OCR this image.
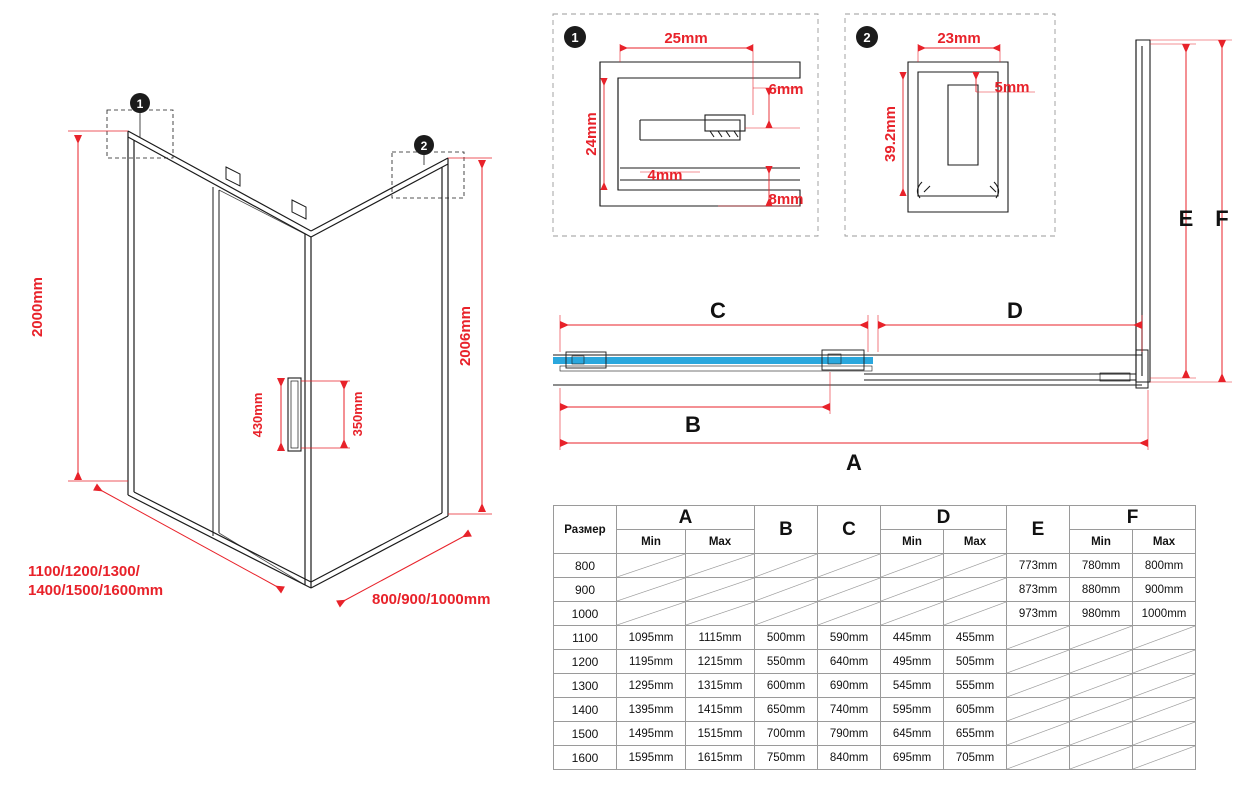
1
2
2000mm	2006mm
430mm	350mm
1	25mm
6mm
24mm
4mm
8mm
2	23mm
5mm
39.2mm
E F
C	D
B
A
1100/1200/1300/
1400/1500/1600mm
800/900/1000mm
Размер	A		B	C	D		E	F	
	Min	Max			Min	Max		Min	Max
800							773mm	780mm	800mm
900							873mm	880mm	900mm
1000							973mm	980mm	1000mm
1100	1095mm	1115mm	500mm	590mm	445mm	455mm			
1200	1195mm	1215mm	550mm	640mm	495mm	505mm			
1300	1295mm	1315mm	600mm	690mm	545mm	555mm			
1400	1395mm	1415mm	650mm	740mm	595mm	605mm			
1500	1495mm	1515mm	700mm	790mm	645mm	655mm			
1600	1595mm	1615mm	750mm	840mm	695mm	705mm			
